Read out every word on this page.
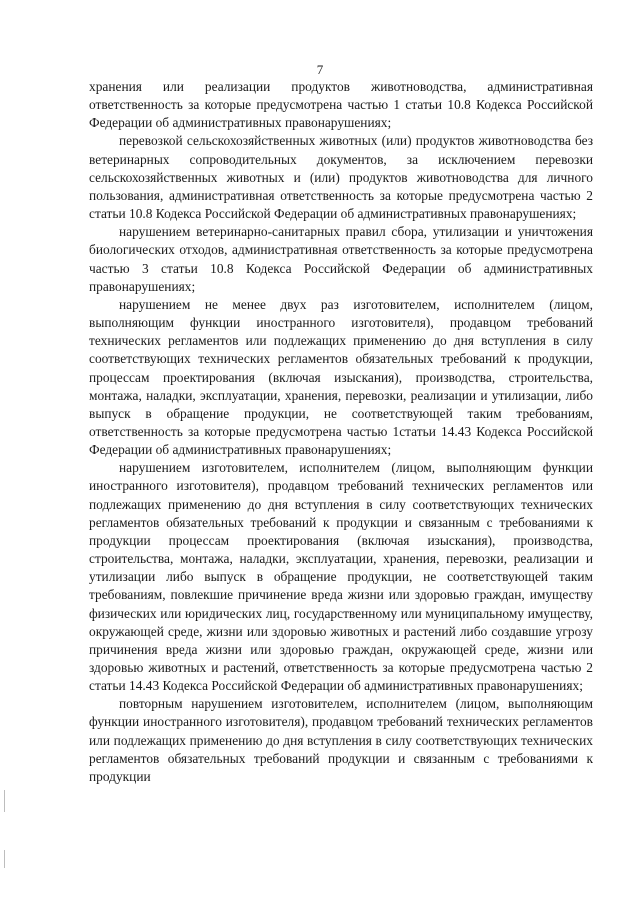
7

хранения или реализации продуктов животноводства, административная ответственность за которые предусмотрена частью 1 статьи 10.8 Кодекса Российской Федерации об административных правонарушениях;

перевозкой сельскохозяйственных животных (или) продуктов животноводства без ветеринарных сопроводительных документов, за исключением перевозки сельскохозяйственных животных и (или) продуктов животноводства для личного пользования, административная ответственность за которые предусмотрена частью 2 статьи 10.8 Кодекса Российской Федерации об административных правонарушениях;

нарушением ветеринарно-санитарных правил сбора, утилизации и уничтожения биологических отходов, административная ответственность за которые предусмотрена частью 3 статьи 10.8 Кодекса Российской Федерации об административных правонарушениях;

нарушением не менее двух раз изготовителем, исполнителем (лицом, выполняющим функции иностранного изготовителя), продавцом требований технических регламентов или подлежащих применению до дня вступления в силу соответствующих технических регламентов обязательных требований к продукции, процессам проектирования (включая изыскания), производства, строительства, монтажа, наладки, эксплуатации, хранения, перевозки, реализации и утилизации, либо выпуск в обращение продукции, не соответствующей таким требованиям, ответственность за которые предусмотрена частью 1статьи 14.43 Кодекса Российской Федерации об административных правонарушениях;

нарушением изготовителем, исполнителем (лицом, выполняющим функции иностранного изготовителя), продавцом требований технических регламентов или подлежащих применению до дня вступления в силу соответствующих технических регламентов обязательных требований к продукции и связанным с требованиями к продукции процессам проектирования (включая изыскания), производства, строительства, монтажа, наладки, эксплуатации, хранения, перевозки, реализации и утилизации либо выпуск в обращение продукции, не соответствующей таким требованиям, повлекшие причинение вреда жизни или здоровью граждан, имуществу физических или юридических лиц, государственному или муниципальному имуществу, окружающей среде, жизни или здоровью животных и растений либо создавшие угрозу причинения вреда жизни или здоровью граждан, окружающей среде, жизни или здоровью животных и растений, ответственность за которые предусмотрена частью 2 статьи 14.43 Кодекса Российской Федерации об административных правонарушениях;

повторным нарушением изготовителем, исполнителем (лицом, выполняющим функции иностранного изготовителя), продавцом требований технических регламентов или подлежащих применению до дня вступления в силу соответствующих технических регламентов обязательных требований продукции и связанным с требованиями к продукции
